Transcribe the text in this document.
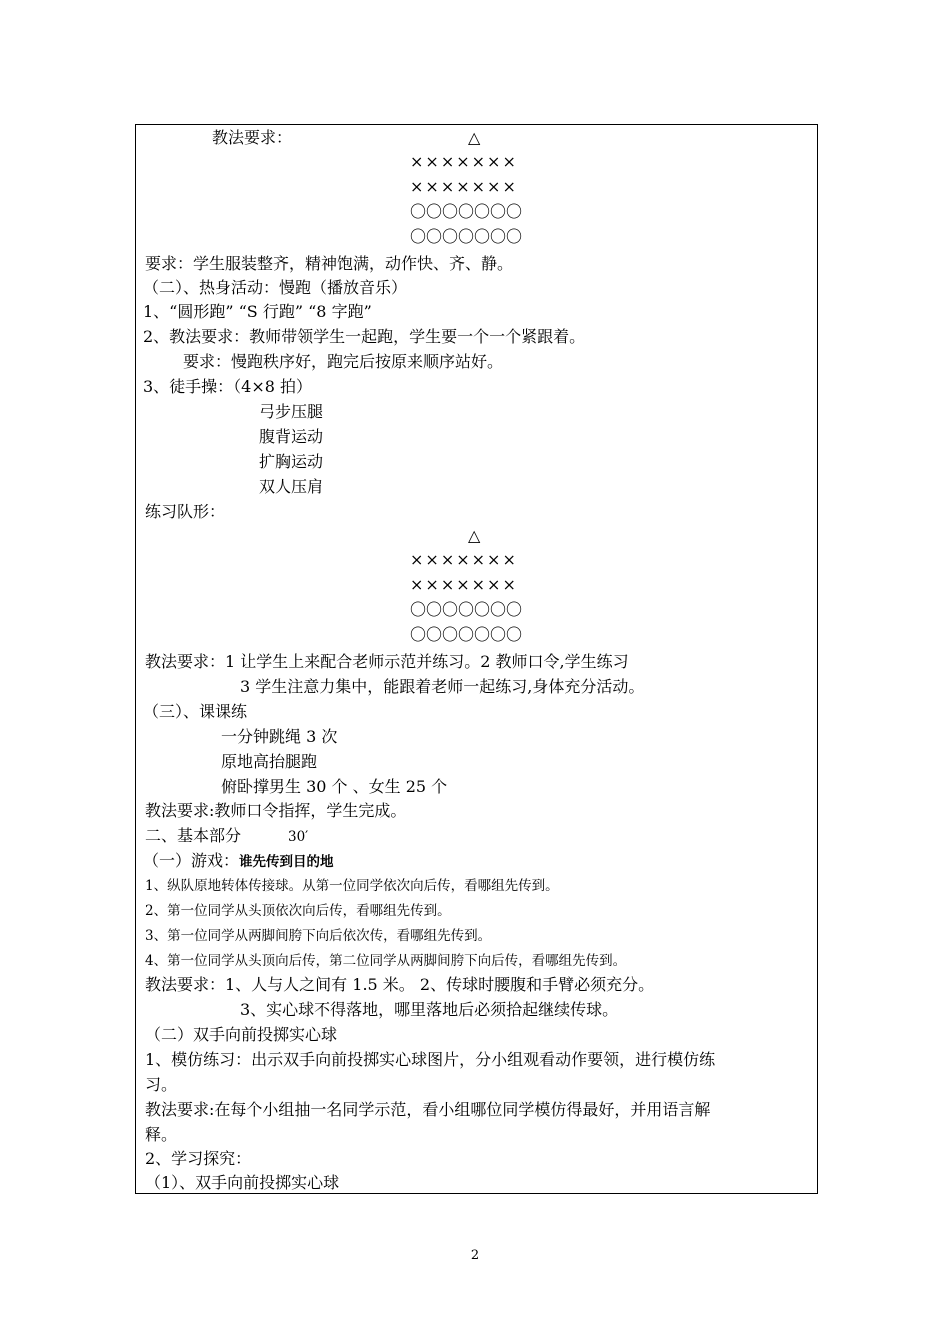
教法要求：	△
×××××××
×××××××
〇〇〇〇〇〇〇
〇〇〇〇〇〇〇
要求：学生服装整齐，精神饱满，动作快、齐、静。
（二）、热身活动：慢跑（播放音乐）
1、“圆形跑” “S 行跑” “8 字跑”
2、教法要求：教师带领学生一起跑，学生要一个一个紧跟着。
要求：慢跑秩序好，跑完后按原来顺序站好。
3、徒手操：（4×8 拍）
弓步压腿
腹背运动
扩胸运动
双人压肩
练习队形：
△
×××××××
×××××××
〇〇〇〇〇〇〇
〇〇〇〇〇〇〇
教法要求：1 让学生上来配合老师示范并练习。2 教师口令,学生练习
3 学生注意力集中，能跟着老师一起练习,身体充分活动。
（三）、课课练
一分钟跳绳 3 次
原地高抬腿跑
俯卧撑男生 30 个 、女生 25 个
教法要求:教师口令指挥，学生完成。
二、基本部分	30′
（一）游戏：谁先传到目的地
1、纵队原地转体传接球。从第一位同学依次向后传，看哪组先传到。
2、第一位同学从头顶依次向后传，看哪组先传到。
3、第一位同学从两脚间胯下向后依次传，看哪组先传到。
4、第一位同学从头顶向后传，第二位同学从两脚间胯下向后传，看哪组先传到。
教法要求：1、人与人之间有 1.5 米。 2、传球时腰腹和手臂必须充分。
3、实心球不得落地，哪里落地后必须拾起继续传球。
（二）双手向前投掷实心球
1、模仿练习：出示双手向前投掷实心球图片，分小组观看动作要领，进行模仿练
习。
教法要求:在每个小组抽一名同学示范，看小组哪位同学模仿得最好，并用语言解
释。
2、学习探究：
（1）、双手向前投掷实心球
2
